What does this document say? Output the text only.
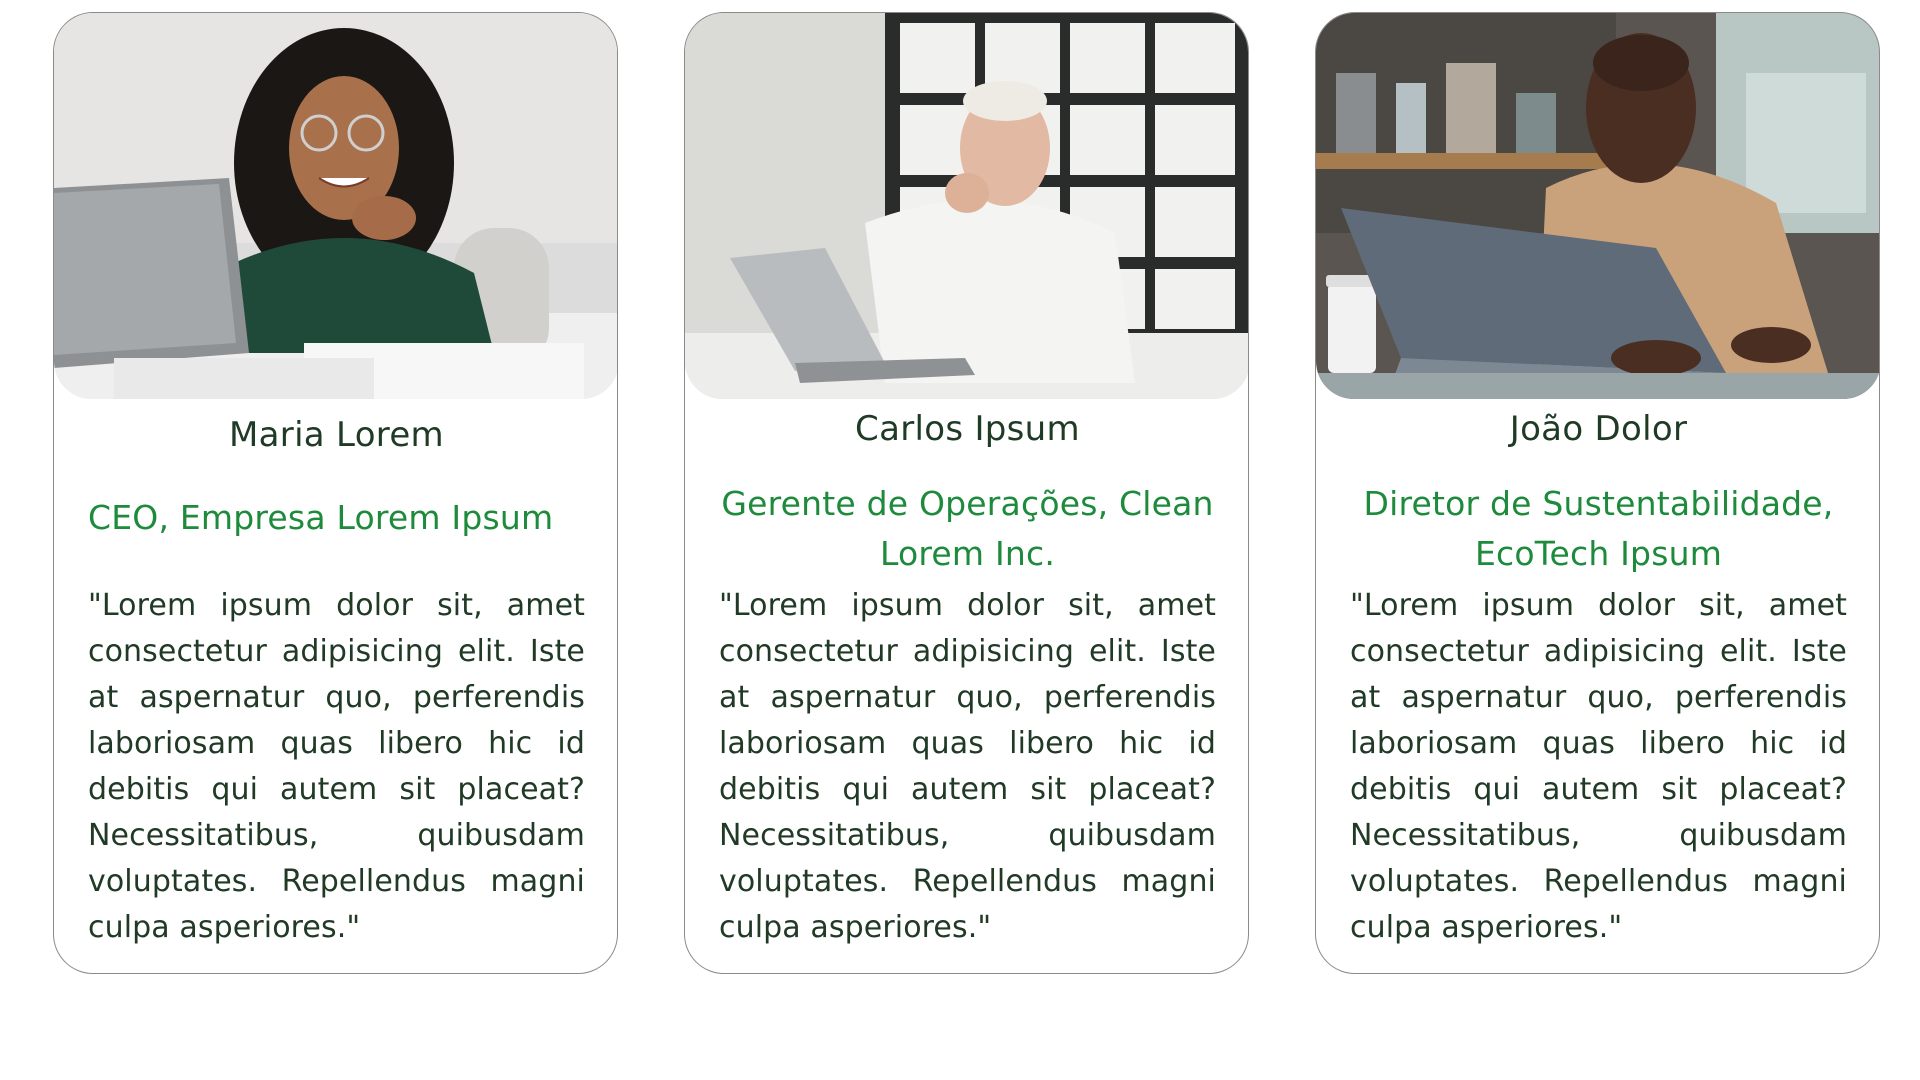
Maria Lorem
CEO, Empresa Lorem Ipsum
"Lorem ipsum dolor sit, amet consectetur adipisicing elit. Iste at aspernatur quo, perferendis laboriosam quas libero hic id debitis qui autem sit placeat? Necessitatibus, quibusdam voluptates. Repellendus magni culpa asperiores."
Carlos Ipsum
Gerente de Operações, Clean Lorem Inc.
"Lorem ipsum dolor sit, amet consectetur adipisicing elit. Iste at aspernatur quo, perferendis laboriosam quas libero hic id debitis qui autem sit placeat? Necessitatibus, quibusdam voluptates. Repellendus magni culpa asperiores."
João Dolor
Diretor de Sustentabilidade, EcoTech Ipsum
"Lorem ipsum dolor sit, amet consectetur adipisicing elit. Iste at aspernatur quo, perferendis laboriosam quas libero hic id debitis qui autem sit placeat? Necessitatibus, quibusdam voluptates. Repellendus magni culpa asperiores."
